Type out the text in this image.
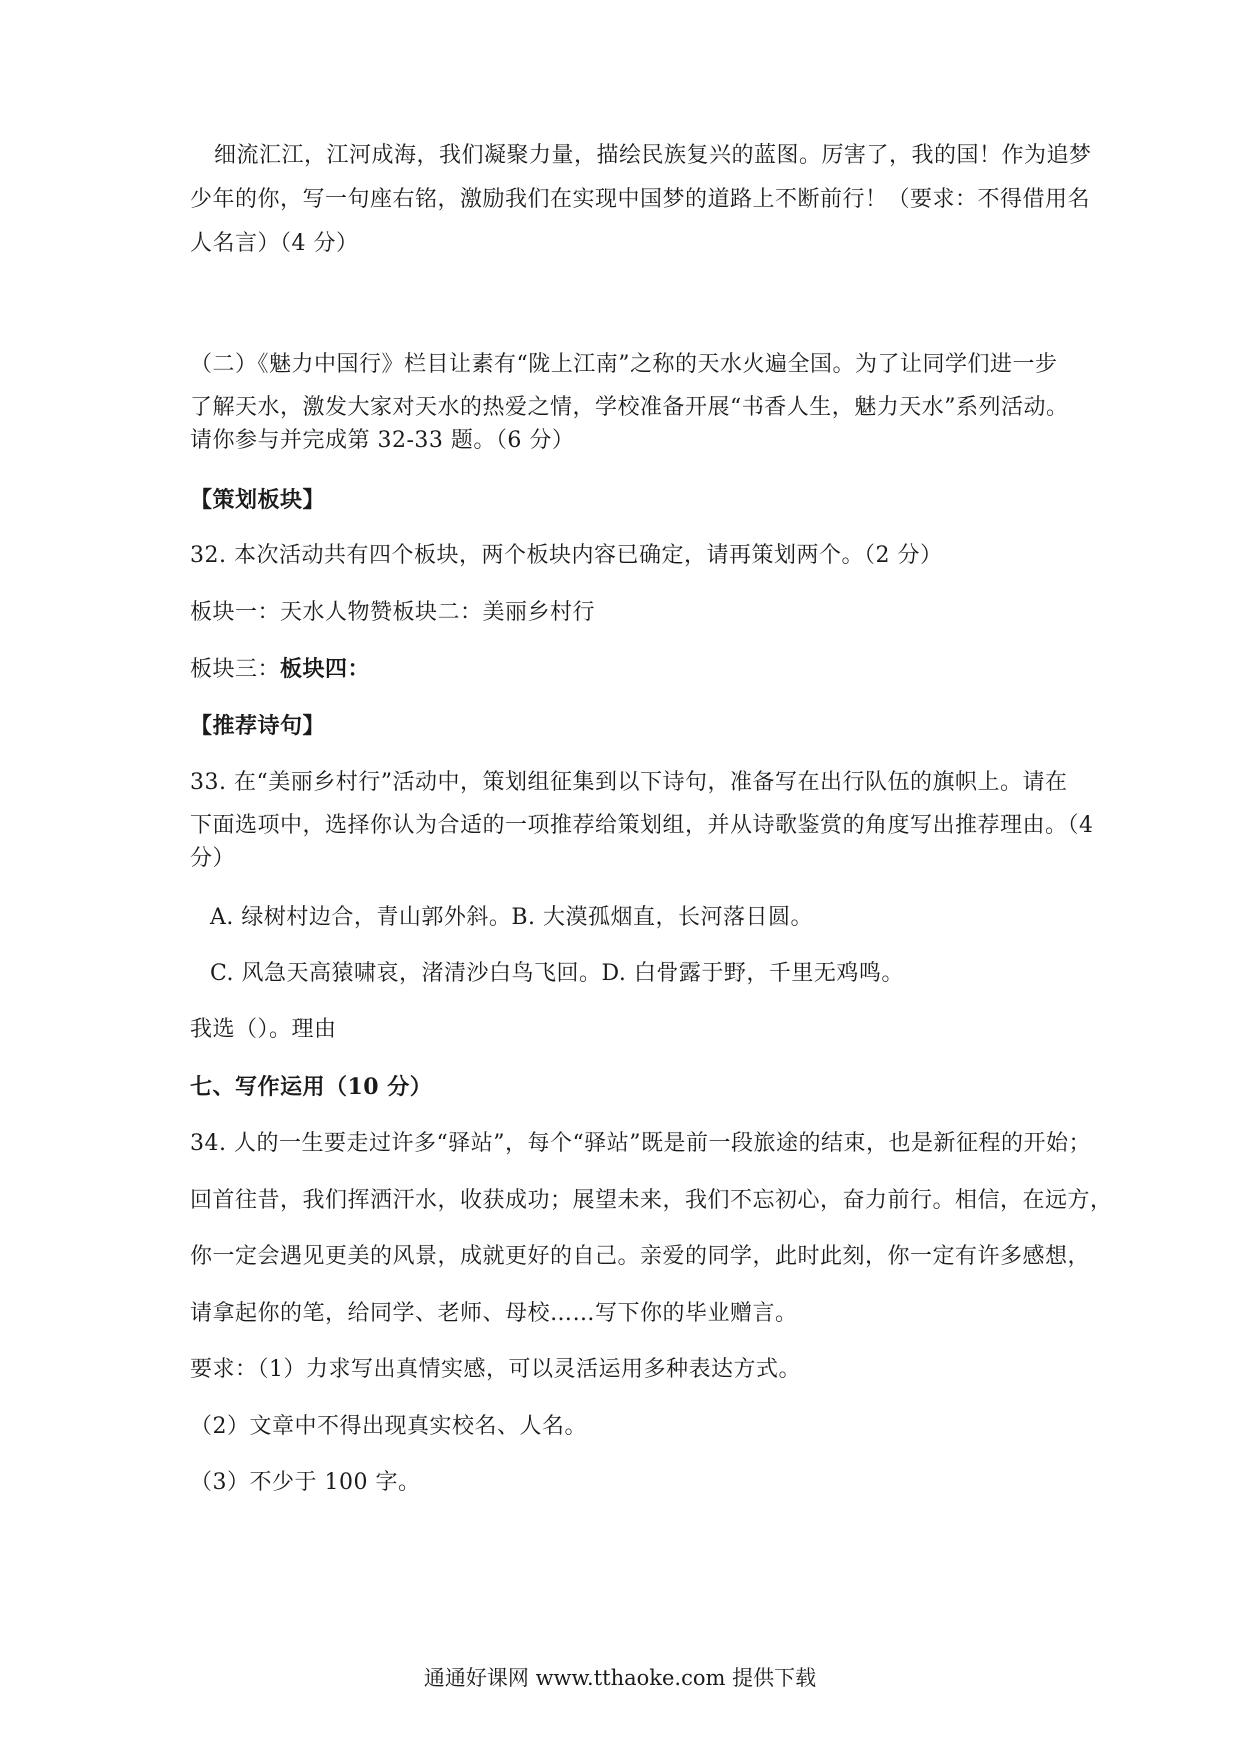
细流汇江，江河成海，我们凝聚力量，描绘民族复兴的蓝图。厉害了，我的国！作为追梦
少年的你，写一句座右铭，激励我们在实现中国梦的道路上不断前行！（要求：不得借用名
人名言）（4 分）
（二）《魅力中国行》栏目让素有“陇上江南”之称的天水火遍全国。为了让同学们进一步
了解天水，激发大家对天水的热爱之情，学校准备开展“书香人生，魅力天水”系列活动。
请你参与并完成第 32-33 题。（6 分）
【策划板块】
32. 本次活动共有四个板块，两个板块内容已确定，请再策划两个。（2 分）
板块一：天水人物赞板块二：美丽乡村行
板块三：板块四：
【推荐诗句】
33. 在“美丽乡村行”活动中，策划组征集到以下诗句，准备写在出行队伍的旗帜上。请在
下面选项中，选择你认为合适的一项推荐给策划组，并从诗歌鉴赏的角度写出推荐理由。（4
分）
A. 绿树村边合，青山郭外斜。B. 大漠孤烟直，长河落日圆。
C. 风急天高猿啸哀，渚清沙白鸟飞回。D. 白骨露于野，千里无鸡鸣。
我选（）。理由
七、写作运用（10 分）
34. 人的一生要走过许多“驿站”，每个“驿站”既是前一段旅途的结束，也是新征程的开始；
回首往昔，我们挥洒汗水，收获成功；展望未来，我们不忘初心，奋力前行。相信，在远方，
你一定会遇见更美的风景，成就更好的自己。亲爱的同学，此时此刻，你一定有许多感想，
请拿起你的笔，给同学、老师、母校……写下你的毕业赠言。
要求：（1）力求写出真情实感，可以灵活运用多种表达方式。
（2）文章中不得出现真实校名、人名。
（3）不少于 100 字。
通通好课网 www.tthaoke.com 提供下载
